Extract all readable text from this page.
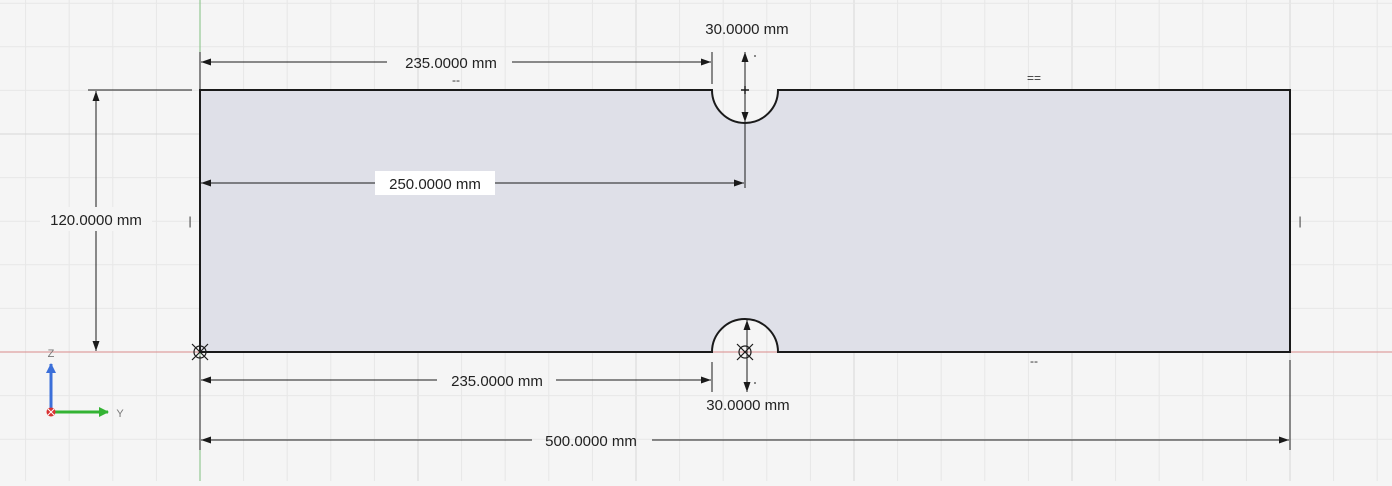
235.0000 mm
30.0000 mm
250.0000 mm
120.0000 mm
235.0000 mm
30.0000 mm
500.0000 mm
--	==
--
|	|
Z
Y
